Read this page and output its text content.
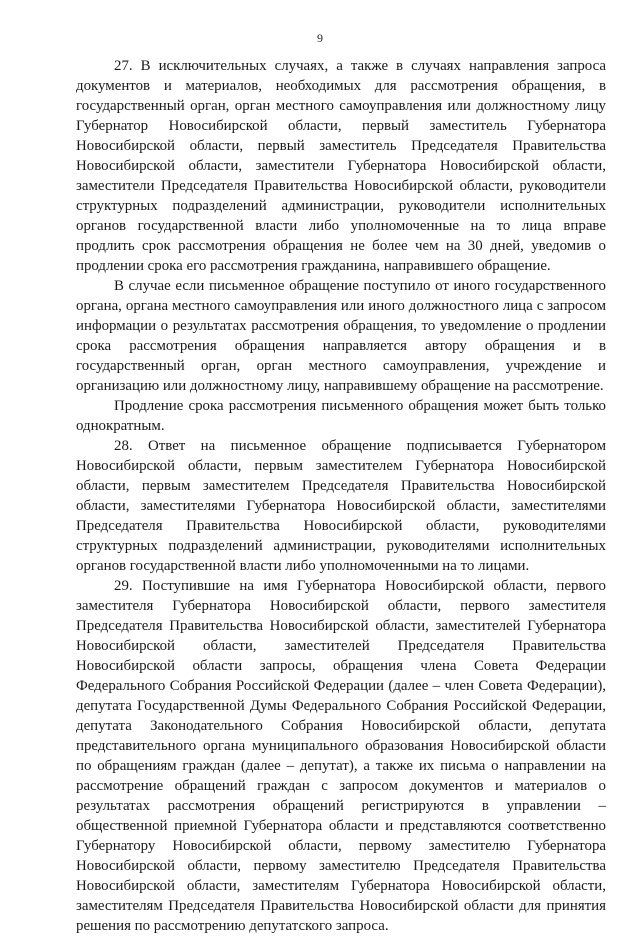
9

27. В исключительных случаях, а также в случаях направления запроса документов и материалов, необходимых для рассмотрения обращения, в государственный орган, орган местного самоуправления или должностному лицу Губернатор Новосибирской области, первый заместитель Губернатора Новосибирской области, первый заместитель Председателя Правительства Новосибирской области, заместители Губернатора Новосибирской области, заместители Председателя Правительства Новосибирской области, руководители структурных подразделений администрации, руководители исполнительных органов государственной власти либо уполномоченные на то лица вправе продлить срок рассмотрения обращения не более чем на 30 дней, уведомив о продлении срока его рассмотрения гражданина, направившего обращение.

В случае если письменное обращение поступило от иного государственного органа, органа местного самоуправления или иного должностного лица с запросом информации о результатах рассмотрения обращения, то уведомление о продлении срока рассмотрения обращения направляется автору обращения и в государственный орган, орган местного самоуправления, учреждение и организацию или должностному лицу, направившему обращение на рассмотрение.

Продление срока рассмотрения письменного обращения может быть только однократным.

28. Ответ на письменное обращение подписывается Губернатором Новосибирской области, первым заместителем Губернатора Новосибирской области, первым заместителем Председателя Правительства Новосибирской области, заместителями Губернатора Новосибирской области, заместителями Председателя Правительства Новосибирской области, руководителями структурных подразделений администрации, руководителями исполнительных органов государственной власти либо уполномоченными на то лицами.

29. Поступившие на имя Губернатора Новосибирской области, первого заместителя Губернатора Новосибирской области, первого заместителя Председателя Правительства Новосибирской области, заместителей Губернатора Новосибирской области, заместителей Председателя Правительства Новосибирской области запросы, обращения члена Совета Федерации Федерального Собрания Российской Федерации (далее – член Совета Федерации), депутата Государственной Думы Федерального Собрания Российской Федерации, депутата Законодательного Собрания Новосибирской области, депутата представительного органа муниципального образования Новосибирской области по обращениям граждан (далее – депутат), а также их письма о направлении на рассмотрение обращений граждан с запросом документов и материалов о результатах рассмотрения обращений регистрируются в управлении – общественной приемной Губернатора области и представляются соответственно Губернатору Новосибирской области, первому заместителю Губернатора Новосибирской области, первому заместителю Председателя Правительства Новосибирской области, заместителям Губернатора Новосибирской области, заместителям Председателя Правительства Новосибирской области для принятия решения по рассмотрению депутатского запроса.
